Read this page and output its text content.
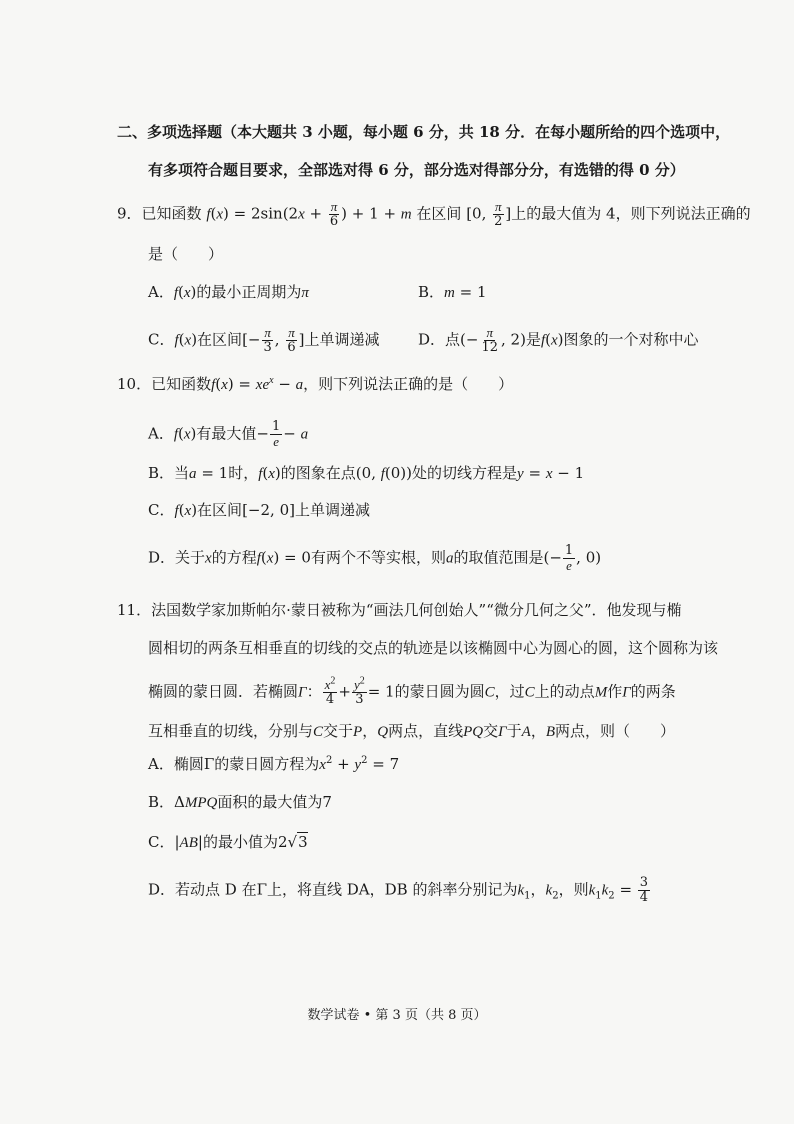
二、多项选择题（本大题共 3 小题，每小题 6 分，共 18 分．在每小题所给的四个选项中，
有多项符合题目要求，全部选对得 6 分，部分选对得部分分，有选错的得 0 分）
9．已知函数 $f(x) = 2\sin(2x + \frac{\pi}{6}$ ) + 1 + m 在区间 [0, $\frac{\pi}{2}$ ]上的最大值为 4，则下列说法正确的
是（　　）
A．f(x)的最小正周期为π	B．m = 1
C．f(x)在区间[− $\frac{\pi}{3}$ , $\frac{\pi}{6}$ ]上单调递减	D．点(− $\frac{\pi}{12}$ , 2)是f(x)图象的一个对称中心
10．已知函数$f(x) = xe^x - a$，则下列说法正确的是（　　）
A．f(x)有最大值− $\frac{1}{e} - a$
B．当a = 1时，f(x)的图象在点(0, f(0))处的切线方程是y = x − 1
C．f(x)在区间[−2, 0]上单调递减
D．关于x的方程f(x) = 0有两个不等实根，则a的取值范围是(− $\frac{1}{e}$ , 0)
11．法国数学家加斯帕尔·蒙日被称为“画法几何创始人”“微分几何之父”．他发现与椭
圆相切的两条互相垂直的切线的交点的轨迹是以该椭圆中心为圆心的圆，这个圆称为该
椭圆的蒙日圆．若椭圆Γ： $\frac{x^2}{4} + \frac{y^2}{3} = 1$的蒙日圆为圆C，过C上的动点M作Γ的两条
互相垂直的切线，分别与C交于P，Q两点，直线PQ交Γ于A，B两点，则（　　）
A．椭圆Γ的蒙日圆方程为$x^2 + y^2 = 7$
B．ΔMPQ面积的最大值为7
C．|AB|的最小值为2√3
D．若动点 D 在Γ上，将直线 DA，DB 的斜率分别记为$k_1$，$k_2$，则$k_1k_2 = \frac{3}{4}$
数学试卷 • 第 3 页（共 8 页）
